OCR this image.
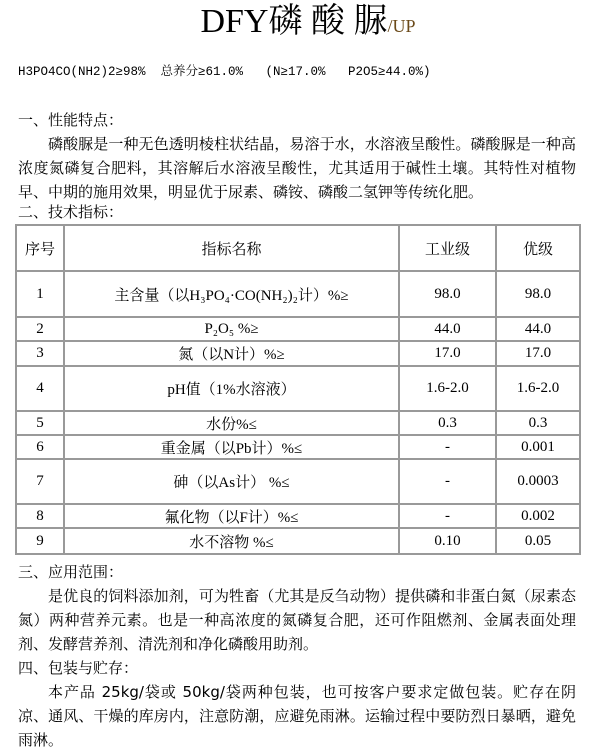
DFY磷 酸 脲/UP
H3PO4CO(NH2)2≥98%  总养分≥61.0%   (N≥17.0%   P2O5≥44.0%)
一、性能特点：
磷酸脲是一种无色透明棱柱状结晶，易溶于水，水溶液呈酸性。磷酸脲是一种高浓度氮磷复合肥料，其溶解后水溶液呈酸性，尤其适用于碱性土壤。其特性对植物早、中期的施用效果，明显优于尿素、磷铵、磷酸二氢钾等传统化肥。
二、技术指标：
序号	指标名称	工业级	优级
1	主含量（以H₃PO₄·CO(NH₂)₂计）%≥	98.0	98.0
2	P₂O₅ %≥	44.0	44.0
3	氮（以N计）%≥	17.0	17.0
4	pH值（1%水溶液）	1.6-2.0	1.6-2.0
5	水份%≤	0.3	0.3
6	重金属（以Pb计）%≤	-	0.001
7	砷（以As计） %≤	-	0.0003
8	氟化物（以F计）%≤	-	0.002
9	水不溶物 %≤	0.10	0.05
三、应用范围：
是优良的饲料添加剂，可为牲畜（尤其是反刍动物）提供磷和非蛋白氮（尿素态氮）两种营养元素。也是一种高浓度的氮磷复合肥，还可作阻燃剂、金属表面处理剂、发酵营养剂、清洗剂和净化磷酸用助剂。
四、包装与贮存：
本产品 25kg/袋或 50kg/袋两种包装，也可按客户要求定做包装。贮存在阴凉、通风、干燥的库房内，注意防潮，应避免雨淋。运输过程中要防烈日暴晒，避免雨淋。
